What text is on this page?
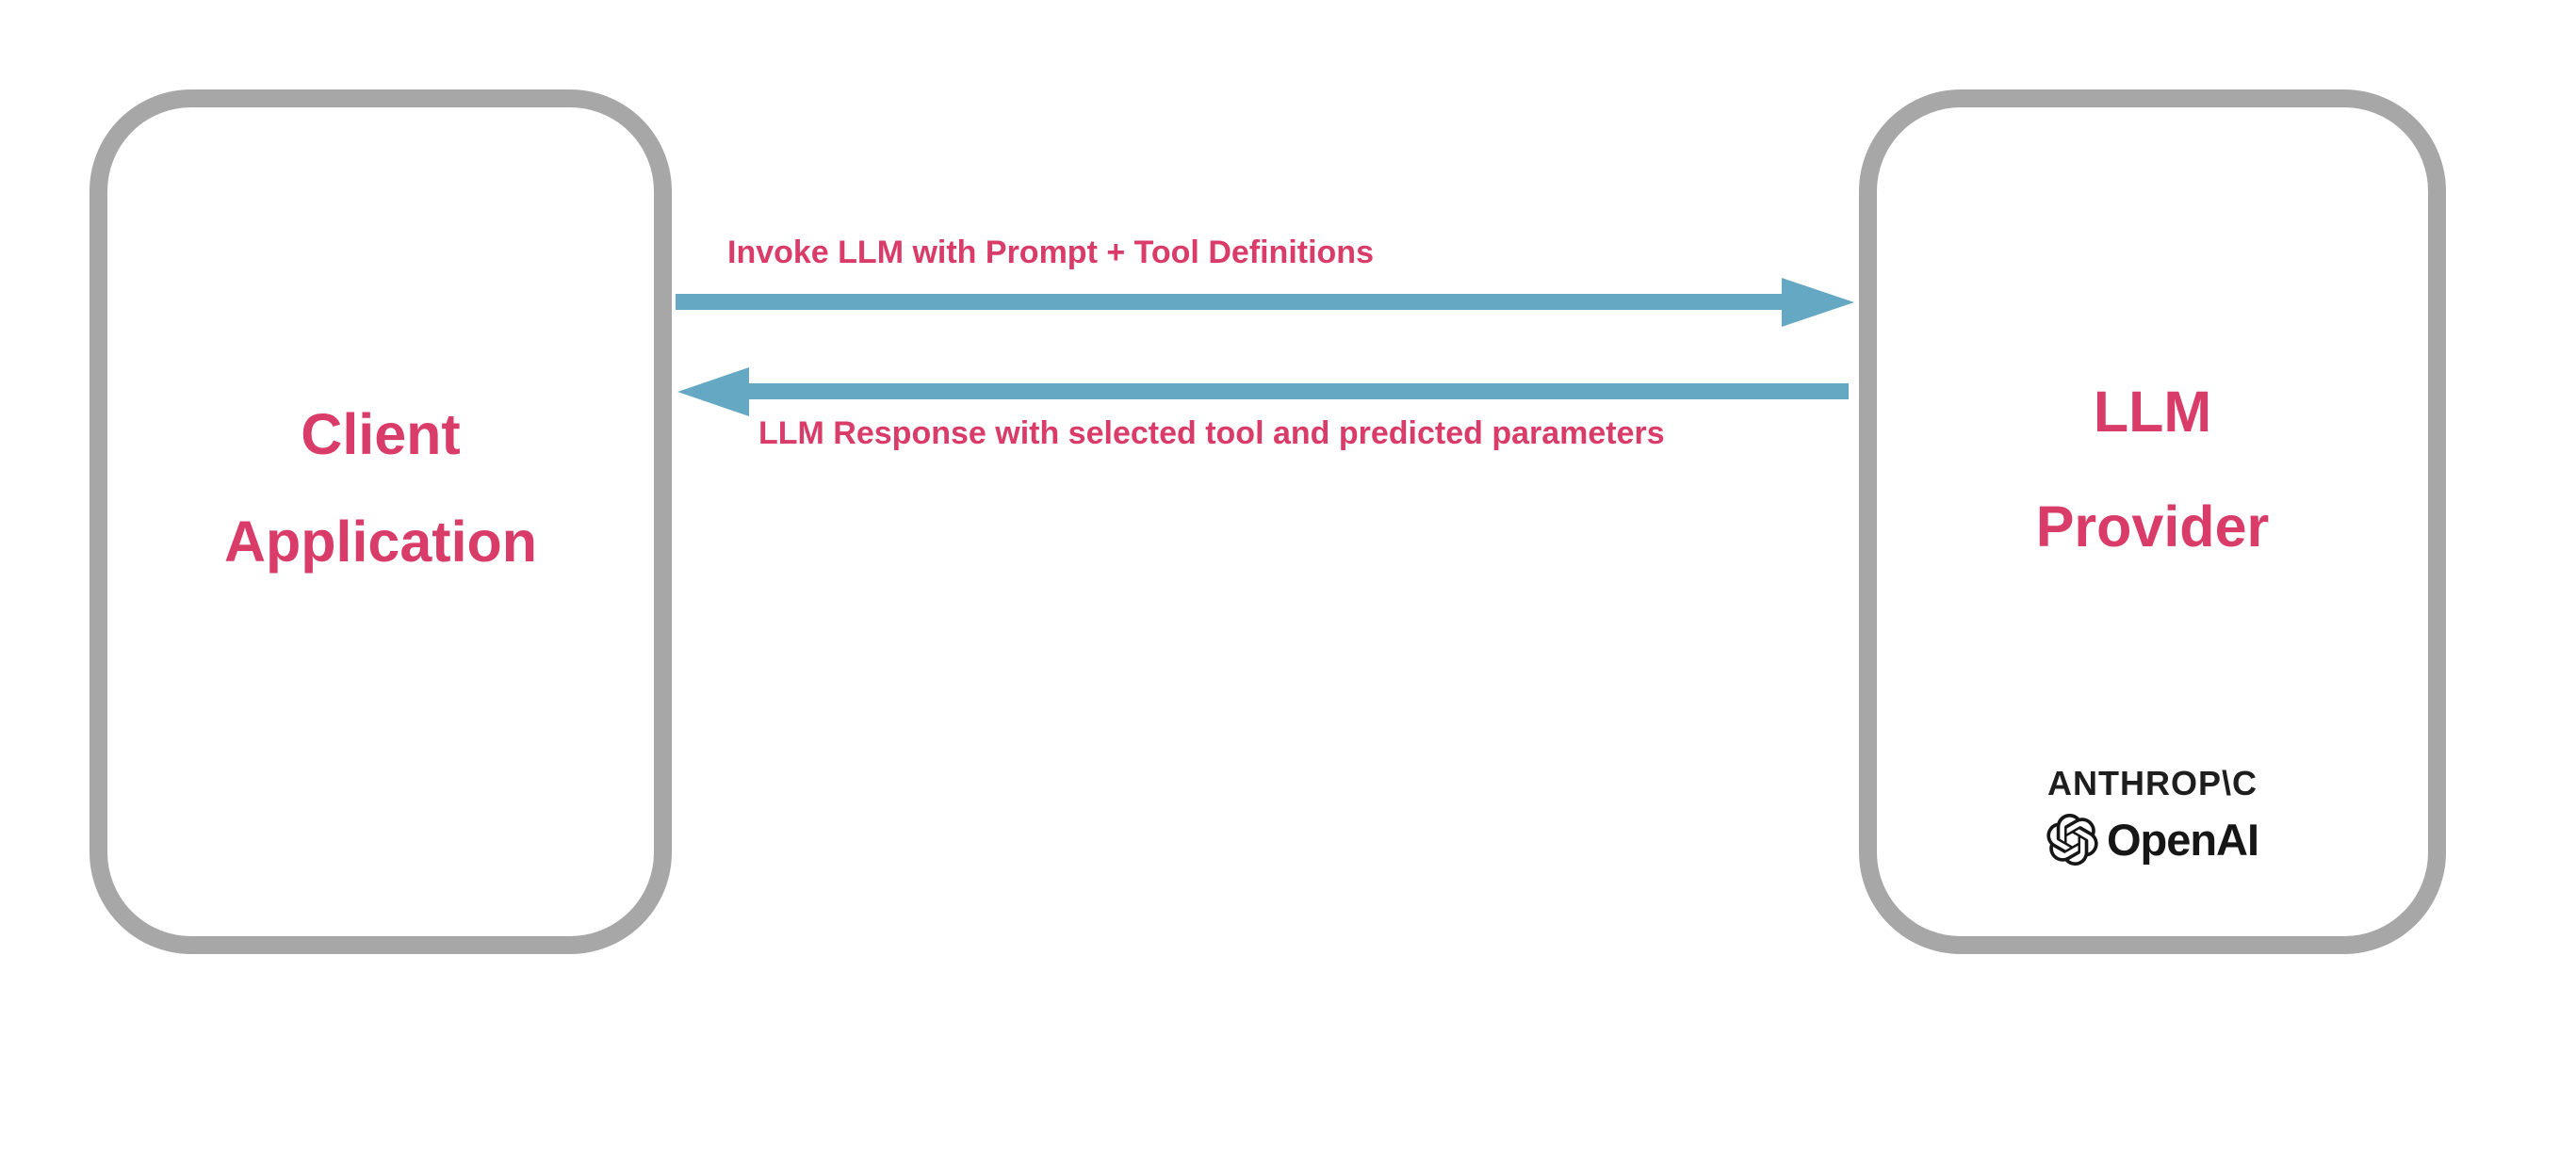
Client
Application
LLM
Provider
ANTHROP\C
OpenAI
Invoke LLM with Prompt + Tool Definitions
LLM Response with selected tool and predicted parameters
